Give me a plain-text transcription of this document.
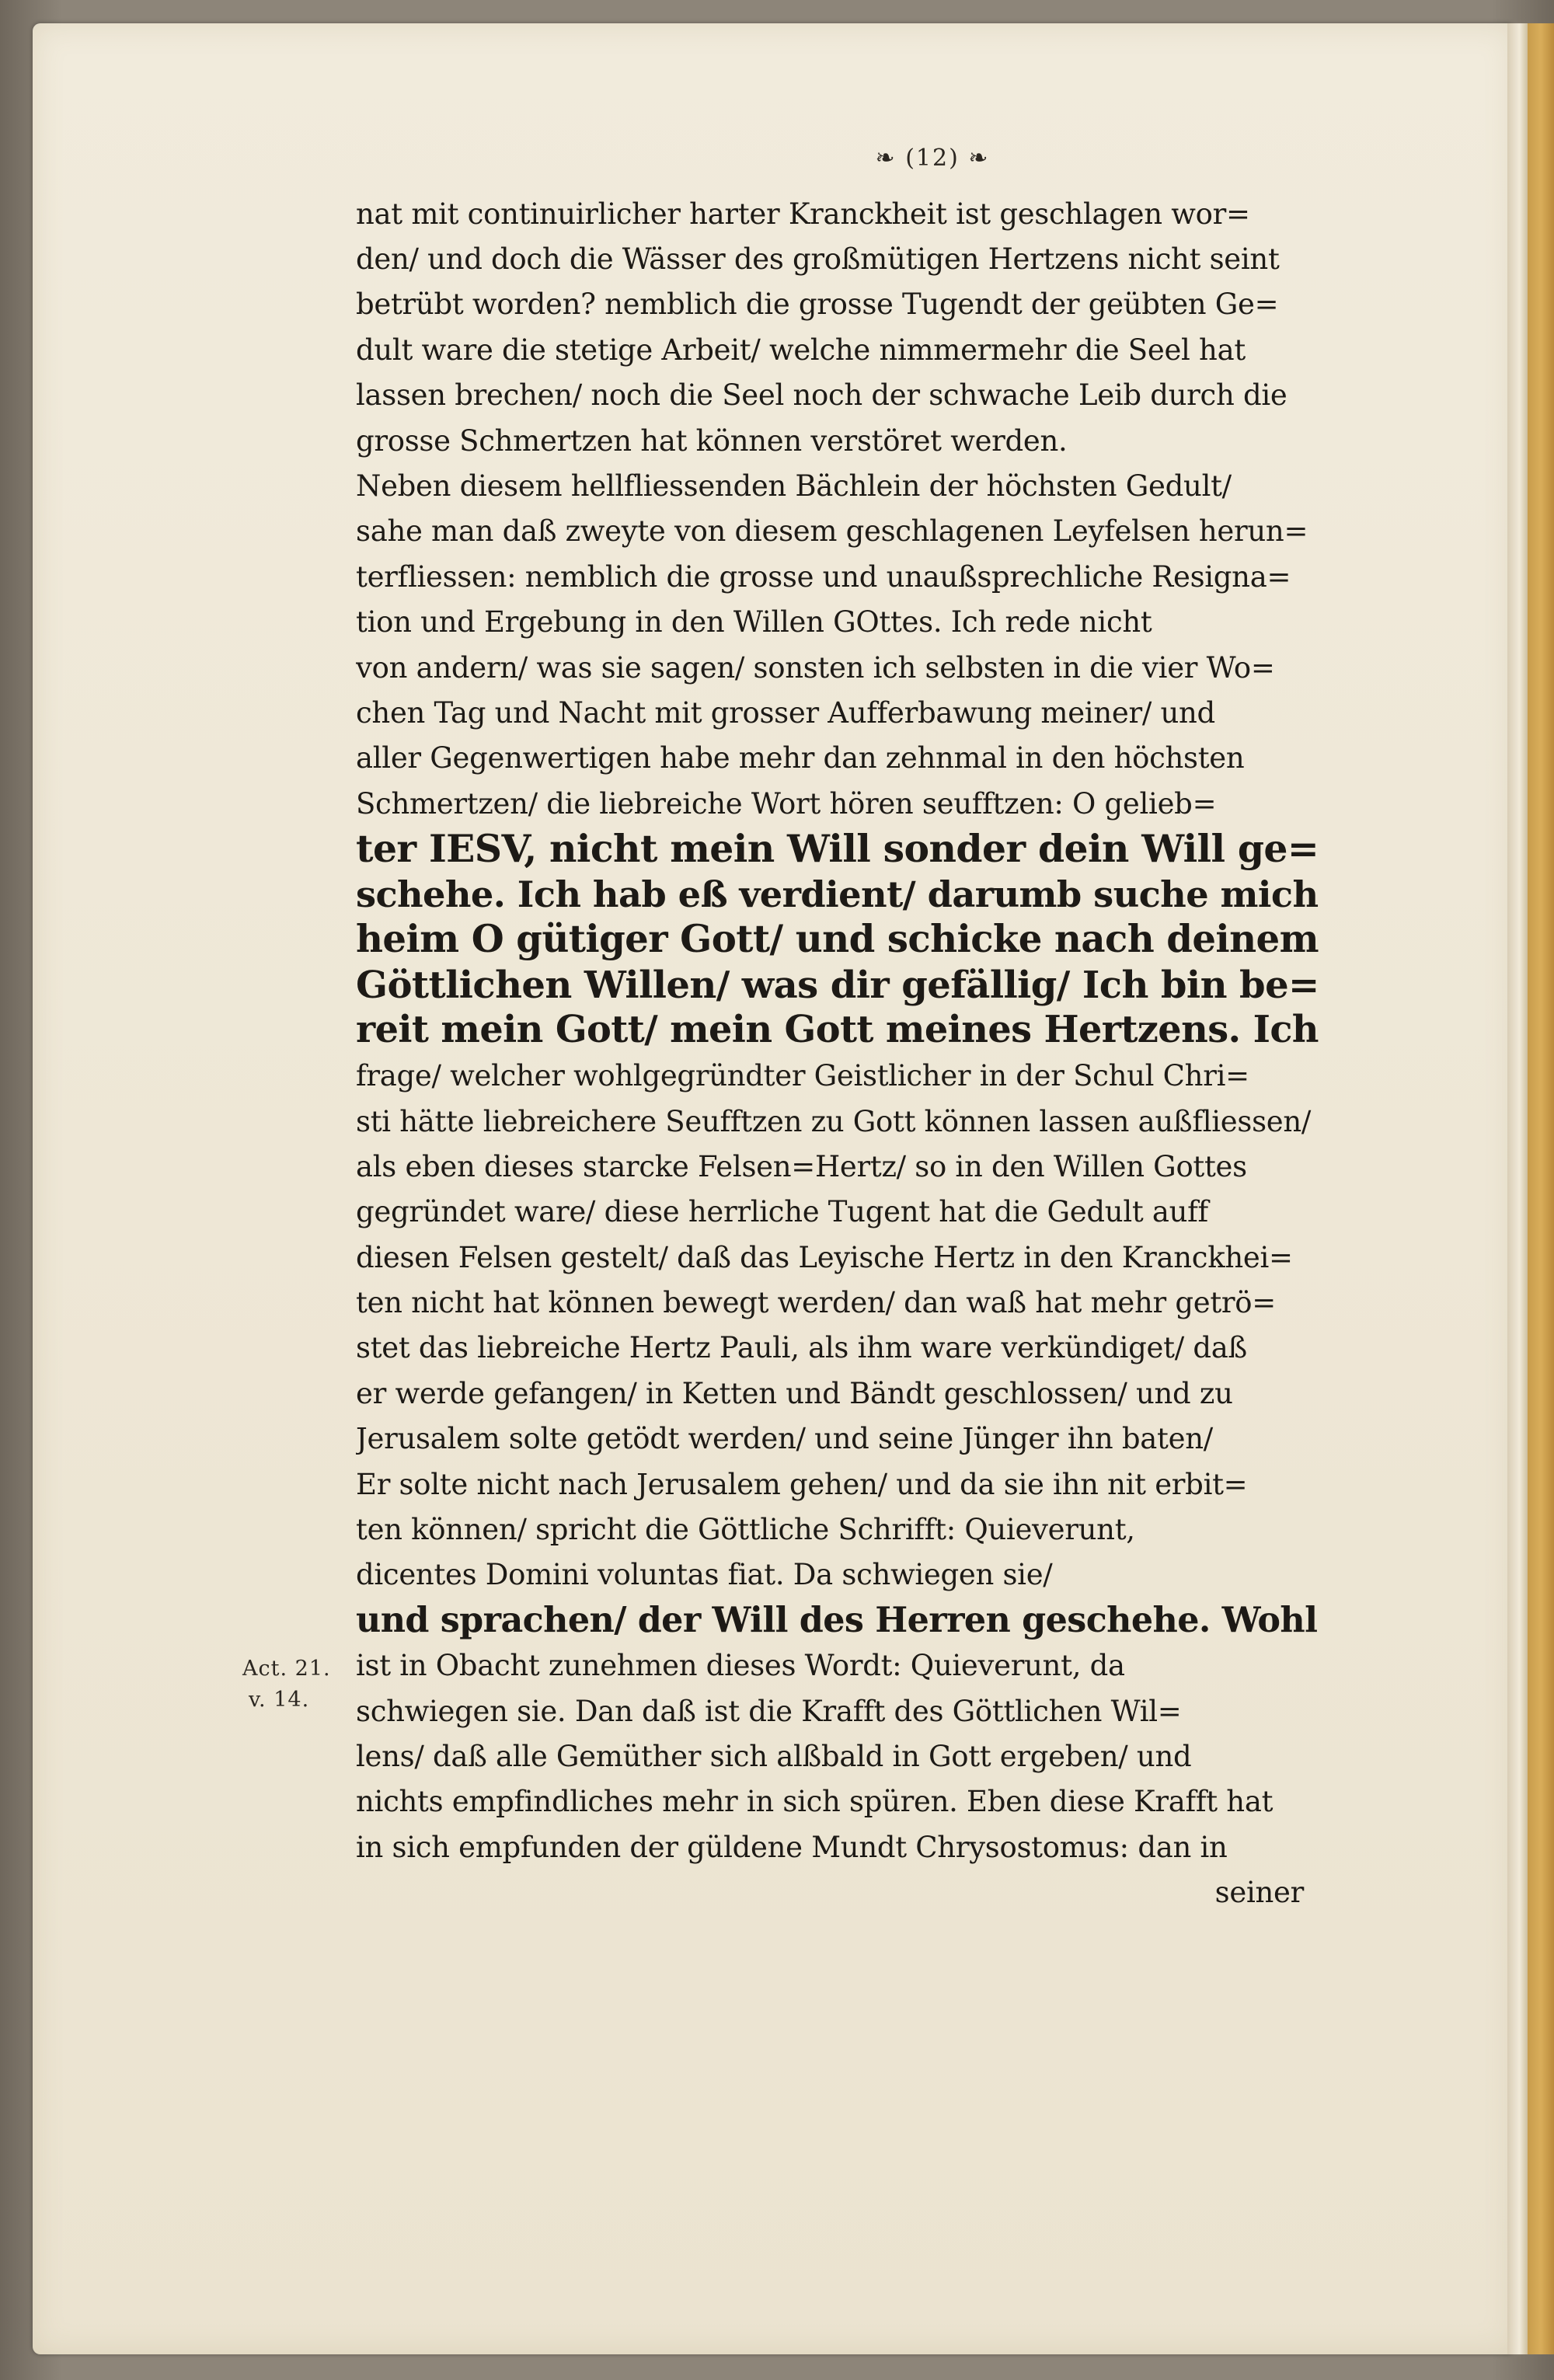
❧ (12) ❧
Act. 21.
v. 14.
nat mit continuirlicher harter Kranckheit ist geschlagen wor=
den/ und doch die Wässer des großmütigen Hertzens nicht seint
betrübt worden? nemblich die grosse Tugendt der geübten Ge=
dult ware die stetige Arbeit/ welche nimmermehr die Seel hat
lassen brechen/ noch die Seel noch der schwache Leib durch die
grosse Schmertzen hat können verstöret werden.
Neben diesem hellfliessenden Bächlein der höchsten Gedult/
sahe man daß zweyte von diesem geschlagenen Leyfelsen herun=
terfliessen: nemblich die grosse und unaußsprechliche Resigna=
tion und Ergebung in den Willen GOttes. Ich rede nicht
von andern/ was sie sagen/ sonsten ich selbsten in die vier Wo=
chen Tag und Nacht mit grosser Aufferbawung meiner/ und
aller Gegenwertigen habe mehr dan zehnmal in den höchsten
Schmertzen/ die liebreiche Wort hören seufftzen: O gelieb=
ter IESV, nicht mein Will sonder dein Will ge=
schehe. Ich hab eß verdient/ darumb suche mich
heim O gütiger Gott/ und schicke nach deinem
Göttlichen Willen/ was dir gefällig/ Ich bin be=
reit mein Gott/ mein Gott meines Hertzens. Ich
frage/ welcher wohlgegründter Geistlicher in der Schul Chri=
sti hätte liebreichere Seufftzen zu Gott können lassen außfliessen/
als eben dieses starcke Felsen=Hertz/ so in den Willen Gottes
gegründet ware/ diese herrliche Tugent hat die Gedult auff
diesen Felsen gestelt/ daß das Leyische Hertz in den Kranckhei=
ten nicht hat können bewegt werden/ dan waß hat mehr getrö=
stet das liebreiche Hertz Pauli, als ihm ware verkündiget/ daß
er werde gefangen/ in Ketten und Bändt geschlossen/ und zu
Jerusalem solte getödt werden/ und seine Jünger ihn baten/
Er solte nicht nach Jerusalem gehen/ und da sie ihn nit erbit=
ten können/ spricht die Göttliche Schrifft: Quieverunt,
dicentes Domini voluntas fiat. Da schwiegen sie/
und sprachen/ der Will des Herren geschehe. Wohl
ist in Obacht zunehmen dieses Wordt: Quieverunt, da
schwiegen sie. Dan daß ist die Krafft des Göttlichen Wil=
lens/ daß alle Gemüther sich alßbald in Gott ergeben/ und
nichts empfindliches mehr in sich spüren. Eben diese Krafft hat
in sich empfunden der güldene Mundt Chrysostomus: dan in
seiner
